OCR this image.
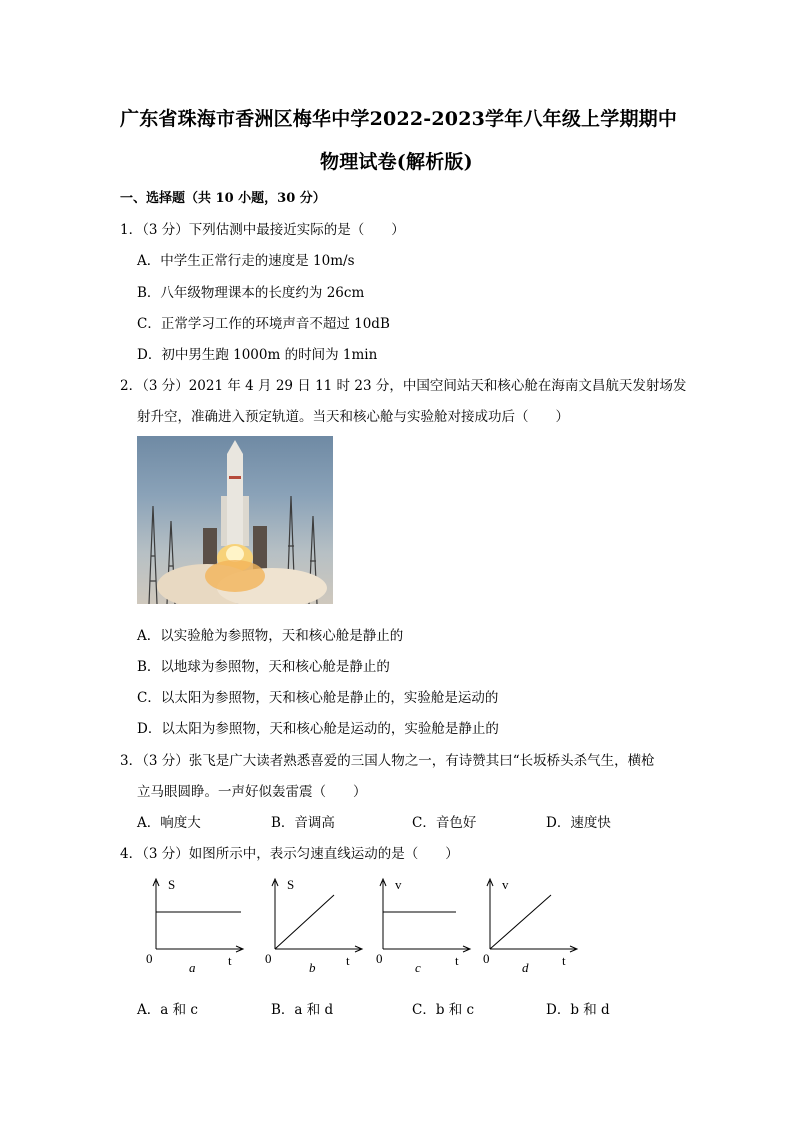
广东省珠海市香洲区梅华中学2022-2023学年八年级上学期期中
物理试卷(解析版)
一、选择题（共 10 小题，30 分）
1．（3 分）下列估测中最接近实际的是（　　）
A．中学生正常行走的速度是 10m/s
B．八年级物理课本的长度约为 26cm
C．正常学习工作的环境声音不超过 10dB
D．初中男生跑 1000m 的时间为 1min
2．（3 分）2021 年 4 月 29 日 11 时 23 分，中国空间站天和核心舱在海南文昌航天发射场发
射升空，准确进入预定轨道。当天和核心舱与实验舱对接成功后（　　）
A．以实验舱为参照物，天和核心舱是静止的
B．以地球为参照物，天和核心舱是静止的
C．以太阳为参照物，天和核心舱是静止的，实验舱是运动的
D．以太阳为参照物，天和核心舱是运动的，实验舱是静止的
3．（3 分）张飞是广大读者熟悉喜爱的三国人物之一，有诗赞其曰“长坂桥头杀气生，横枪
立马眼圆睁。一声好似轰雷震（　　）
A．响度大	B．音调高	C．音色好	D．速度快
4．（3 分）如图所示中，表示匀速直线运动的是（　　）
S
0	t
a
S
0	t
b
v
0	t
c
v
0	t
d
A．a 和 c	B．a 和 d	C．b 和 c	D．b 和 d
